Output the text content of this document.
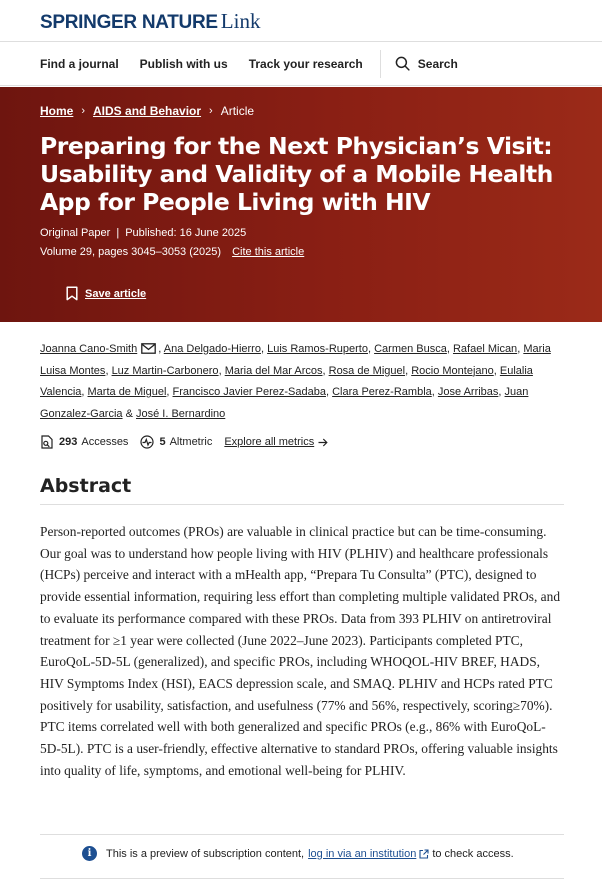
SPRINGER NATURE Link
Find a journal Publish with us Track your research	Search
Home › AIDS and Behavior › Article
Preparing for the Next Physician’s Visit: Usability and Validity of a Mobile Health App for People Living with HIV
Original Paper | Published: 16 June 2025
Volume 29, pages 3045–3053 (2025) Cite this article
Save article
Joanna Cano-Smith , Ana Delgado-Hierro, Luis Ramos-Ruperto, Carmen Busca, Rafael Mican, Maria Luisa Montes, Luz Martin-Carbonero, Maria del Mar Arcos, Rosa de Miguel, Rocio Montejano, Eulalia Valencia, Marta de Miguel, Francisco Javier Perez-Sadaba, Clara Perez-Rambla, Jose Arribas, Juan Gonzalez-Garcia & José I. Bernardino
293 Accesses	5 Altmetric Explore all metrics
Abstract

Person-reported outcomes (PROs) are valuable in clinical practice but can be time-consuming. Our goal was to understand how people living with HIV (PLHIV) and healthcare professionals (HCPs) perceive and interact with a mHealth app, “Prepara Tu Consulta” (PTC), designed to provide essential information, requiring less effort than completing multiple validated PROs, and to evaluate its performance compared with these PROs. Data from 393 PLHIV on antiretroviral treatment for ≥1 year were collected (June 2022–June 2023). Participants completed PTC, EuroQoL-5D-5L (generalized), and specific PROs, including WHOQOL-HIV BREF, HADS, HIV Symptoms Index (HSI), EACS depression scale, and SMAQ. PLHIV and HCPs rated PTC positively for usability, satisfaction, and usefulness (77% and 56%, respectively, scoring≥70%). PTC items correlated well with both generalized and specific PROs (e.g., 86% with EuroQoL-5D-5L). PTC is a user-friendly, effective alternative to standard PROs, offering valuable insights into quality of life, symptoms, and emotional well-being for PLHIV.

i	This is a preview of subscription content, log in via an institution to check access.
